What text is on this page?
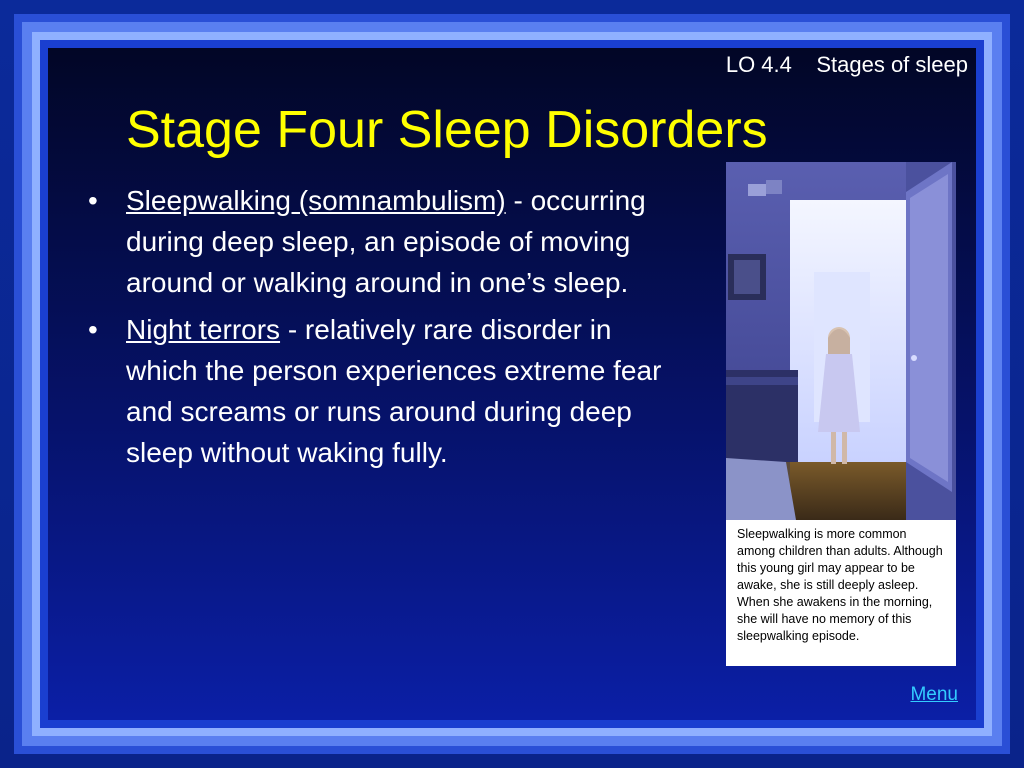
LO 4.4    Stages of sleep
Stage Four Sleep Disorders
• Sleepwalking (somnambulism) - occurring during deep sleep, an episode of moving around or walking around in one’s sleep.
• Night terrors - relatively rare disorder in which the person experiences extreme fear and screams or runs around during deep sleep without waking fully.
Sleepwalking is more common among children than adults. Although this young girl may appear to be awake, she is still deeply asleep. When she awakens in the morning, she will have no memory of this sleepwalking episode.
Menu
